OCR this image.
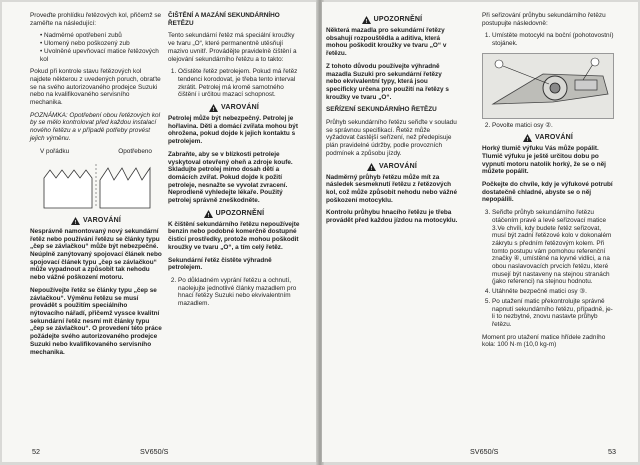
Proveďte prohlídku řetězových kol, přičemž se zaměřte na následující:

• Nadměrné opotřebení zubů
• Ulomený nebo poškozený zub
• Uvolněné upevňovací matice řetězových kol

Pokud při kontrole stavu řetězových kol najdete některou z uvedených poruch, obraťte se na svého autorizovaného prodejce Suzuki nebo na kvalifikovaného servisního mechanika.

POZNÁMKA: Opotřebení obou řetězových kol by se mělo kontrolovat před každou instalací nového řetězu a v případě potřeby provést jejich výměnu.

V pořádku	Opotřebeno
! VAROVÁNÍ

Nesprávně namontovaný nový sekundární řetěz nebo používání řetězu se články typu „čep se závlačkou“ může být nebezpečné. Neúplně zanýtovaný spojovací článek nebo spojovací článek typu „čep se závlačkou“ může vypadnout a způsobit tak nehodu nebo vážné poškození motoru.

Nepoužívejte řetěz se články typu „čep se závlačkou“. Výměnu řetězu se musí provádět s použitím speciálního nýtovacího nářadí, přičemž vyssce kvalitní sekundární řetěz nesmí mít články typu „čep se závlačkou“. O provedení této práce požádejte svého autorizovaného prodejce Suzuki nebo kvalifikovaného servisního mechanika.

ČIŠTĚNÍ A MAZÁNÍ SEKUNDÁRNÍHO ŘETĚZU

Tento sekundární řetěz má speciální kroužky ve tvaru „O“, které permanentně utěsňují mazivo uvnitř. Provádějte pravidelně čištění a olejování sekundárního řetězu a to takto:

1. Očistěte řetěz petrolejem. Pokud má řetěz tendenci korodovat, je třeba tento interval zkrátit. Petrolej má kromě samotného čištění i určitou mazací schopnost.
! VAROVÁNÍ

Petrolej může být nebezpečný. Petrolej je hořlavina. Děti a domácí zvířata mohou být ohrožena, pokud dojde k jejich kontaktu s petrolejem.

Zabraňte, aby se v blízkosti petroleje vyskytoval otevřený oheň a zdroje koufe. Skladujte petrolej mimo dosah dětí a domácích zvířat. Pokud dojde k požití petroleje, nesnažte se vyvolat zvracení. Neprodleně vyhledejte lékaře. Použitý petrolej správně zneškodněte.

! UPOZORNĚNÍ

K čištění sekundárního řetězu nepoužívejte benzin nebo podobné komerčně dostupné čisticí prostředky, protože mohou poškodit kroužky ve tvaru „O“, a tím celý řetěz.

Sekundární řetěz čistěte výhradně petrolejem.

2. Po důkladném vyprání řetězu a ochnutí, naolejujte jednotlivé články mazadlem pro hnací řetězy Suzuki nebo ekvivalentním mazadlem.
52	SV650/S
! UPOZORNĚNÍ

Některá mazadla pro sekundární řetězy obsahují rozpouštědla a aditiva, která mohou poškodit kroužky ve tvaru „O“ v řetězu.

Z tohoto důvodu používejte výhradně mazadla Suzuki pro sekundární řetězy nebo ekvivalentní typy, která jsou specificky určena pro použití na řetězy s kroužky ve tvaru „O“.

SEŘÍZENÍ SEKUNDÁRNÍHO ŘETĚZU

Průhyb sekundárního řetězu seřiďte v souladu se správnou specifikací. Řetěz může vyžadovat častější seřízení, než předepisuje plán pravidelné údržby, podle provozních podmínek a způsobu jízdy.

! VAROVÁNÍ

Nadměrný průhyb řetězu může mít za následek sesmeknutí řetězu z řetězových kol, což může způsobit nehodu nebo vážné poškození motocyklu.

Kontrolu průhybu hnacího řetězu je třeba provádět před každou jízdou na motocyklu.

Při seřizování průhybu sekundárního řetězu postupujte následovně:

1. Umístěte motocykl na boční (pohotovostní) stojánek.
2. Povolte matici osy ②.
! VAROVÁNÍ

Horký tlumič výfuku Vás může popálit. Tlumič výfuku je ještě určitou dobu po vypnutí motoru natolik horký, že se o něj můžete popálit.

Počkejte do chvíle, kdy je výfukové potrubí dostatečně chladné, abyste se o něj nepopálili.

3. Seřiďte průhyb sekundárního řetězu otáčením pravé a levé seřizovací matice 3.Ve chvíli, kdy budete řetěz seřizovat, musí být zadní řetězové kolo v dokonalém zákrytu s předním řetězovým kolem. Při tomto postupu vám pomohou referenční značky ④, umístěné na kyvné vidlici, a na obou naslavovacích prvcích řetězu, které musejí být nastaveny na stejnou stranách (jako referenci) na stejnou hodnotu.
4. Utáhněte bezpečně matici osy ③.
5. Po utažení matic překontrolujte správně napnutí sekundárního řetězu, případně, je-li to nezbytné, znovu nastavte průhyb řetězu.

Moment pro utažení matice hřídele zadního kola: 100 N·m (10,0 kg-m)

SV650/S	53
